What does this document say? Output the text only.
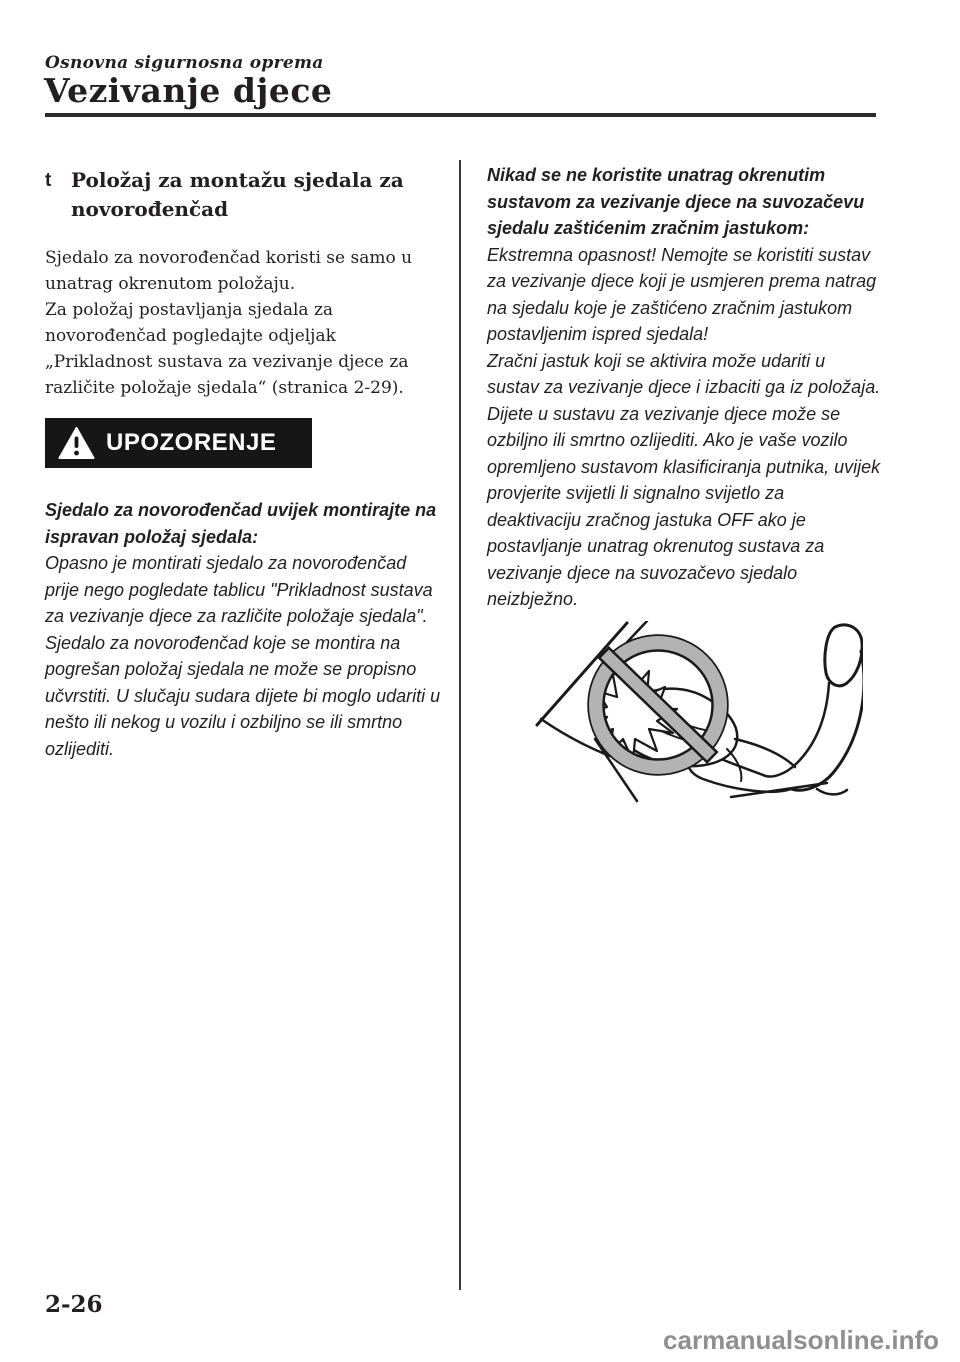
Osnovna sigurnosna oprema
Vezivanje djece
t Položaj za montažu sjedala za novorođenčad
Sjedalo za novorođenčad koristi se samo u unatrag okrenutom položaju.
Za položaj postavljanja sjedala za novorođenčad pogledajte odjeljak „Prikladnost sustava za vezivanje djece za različite položaje sjedala“ (stranica 2-29).
UPOZORENJE
Sjedalo za novorođenčad uvijek montirajte na ispravan položaj sjedala:
Opasno je montirati sjedalo za novorođenčad prije nego pogledate tablicu "Prikladnost sustava za vezivanje djece za različite položaje sjedala". Sjedalo za novorođenčad koje se montira na pogrešan položaj sjedala ne može se propisno učvrstiti. U slučaju sudara dijete bi moglo udariti u nešto ili nekog u vozilu i ozbiljno se ili smrtno ozlijediti.
Nikad se ne koristite unatrag okrenutim sustavom za vezivanje djece na suvozačevu sjedalu zaštićenim zračnim jastukom:
Ekstremna opasnost! Nemojte se koristiti sustav za vezivanje djece koji je usmjeren prema natrag na sjedalu koje je zaštićeno zračnim jastukom postavljenim ispred sjedala!
Zračni jastuk koji se aktivira može udariti u sustav za vezivanje djece i izbaciti ga iz položaja. Dijete u sustavu za vezivanje djece može se ozbiljno ili smrtno ozlijediti. Ako je vaše vozilo opremljeno sustavom klasificiranja putnika, uvijek provjerite svijetli li signalno svijetlo za deaktivaciju zračnog jastuka OFF ako je postavljanje unatrag okrenutog sustava za vezivanje djece na suvozačevo sjedalo neizbježno.
2-26
carmanualsonline.info
